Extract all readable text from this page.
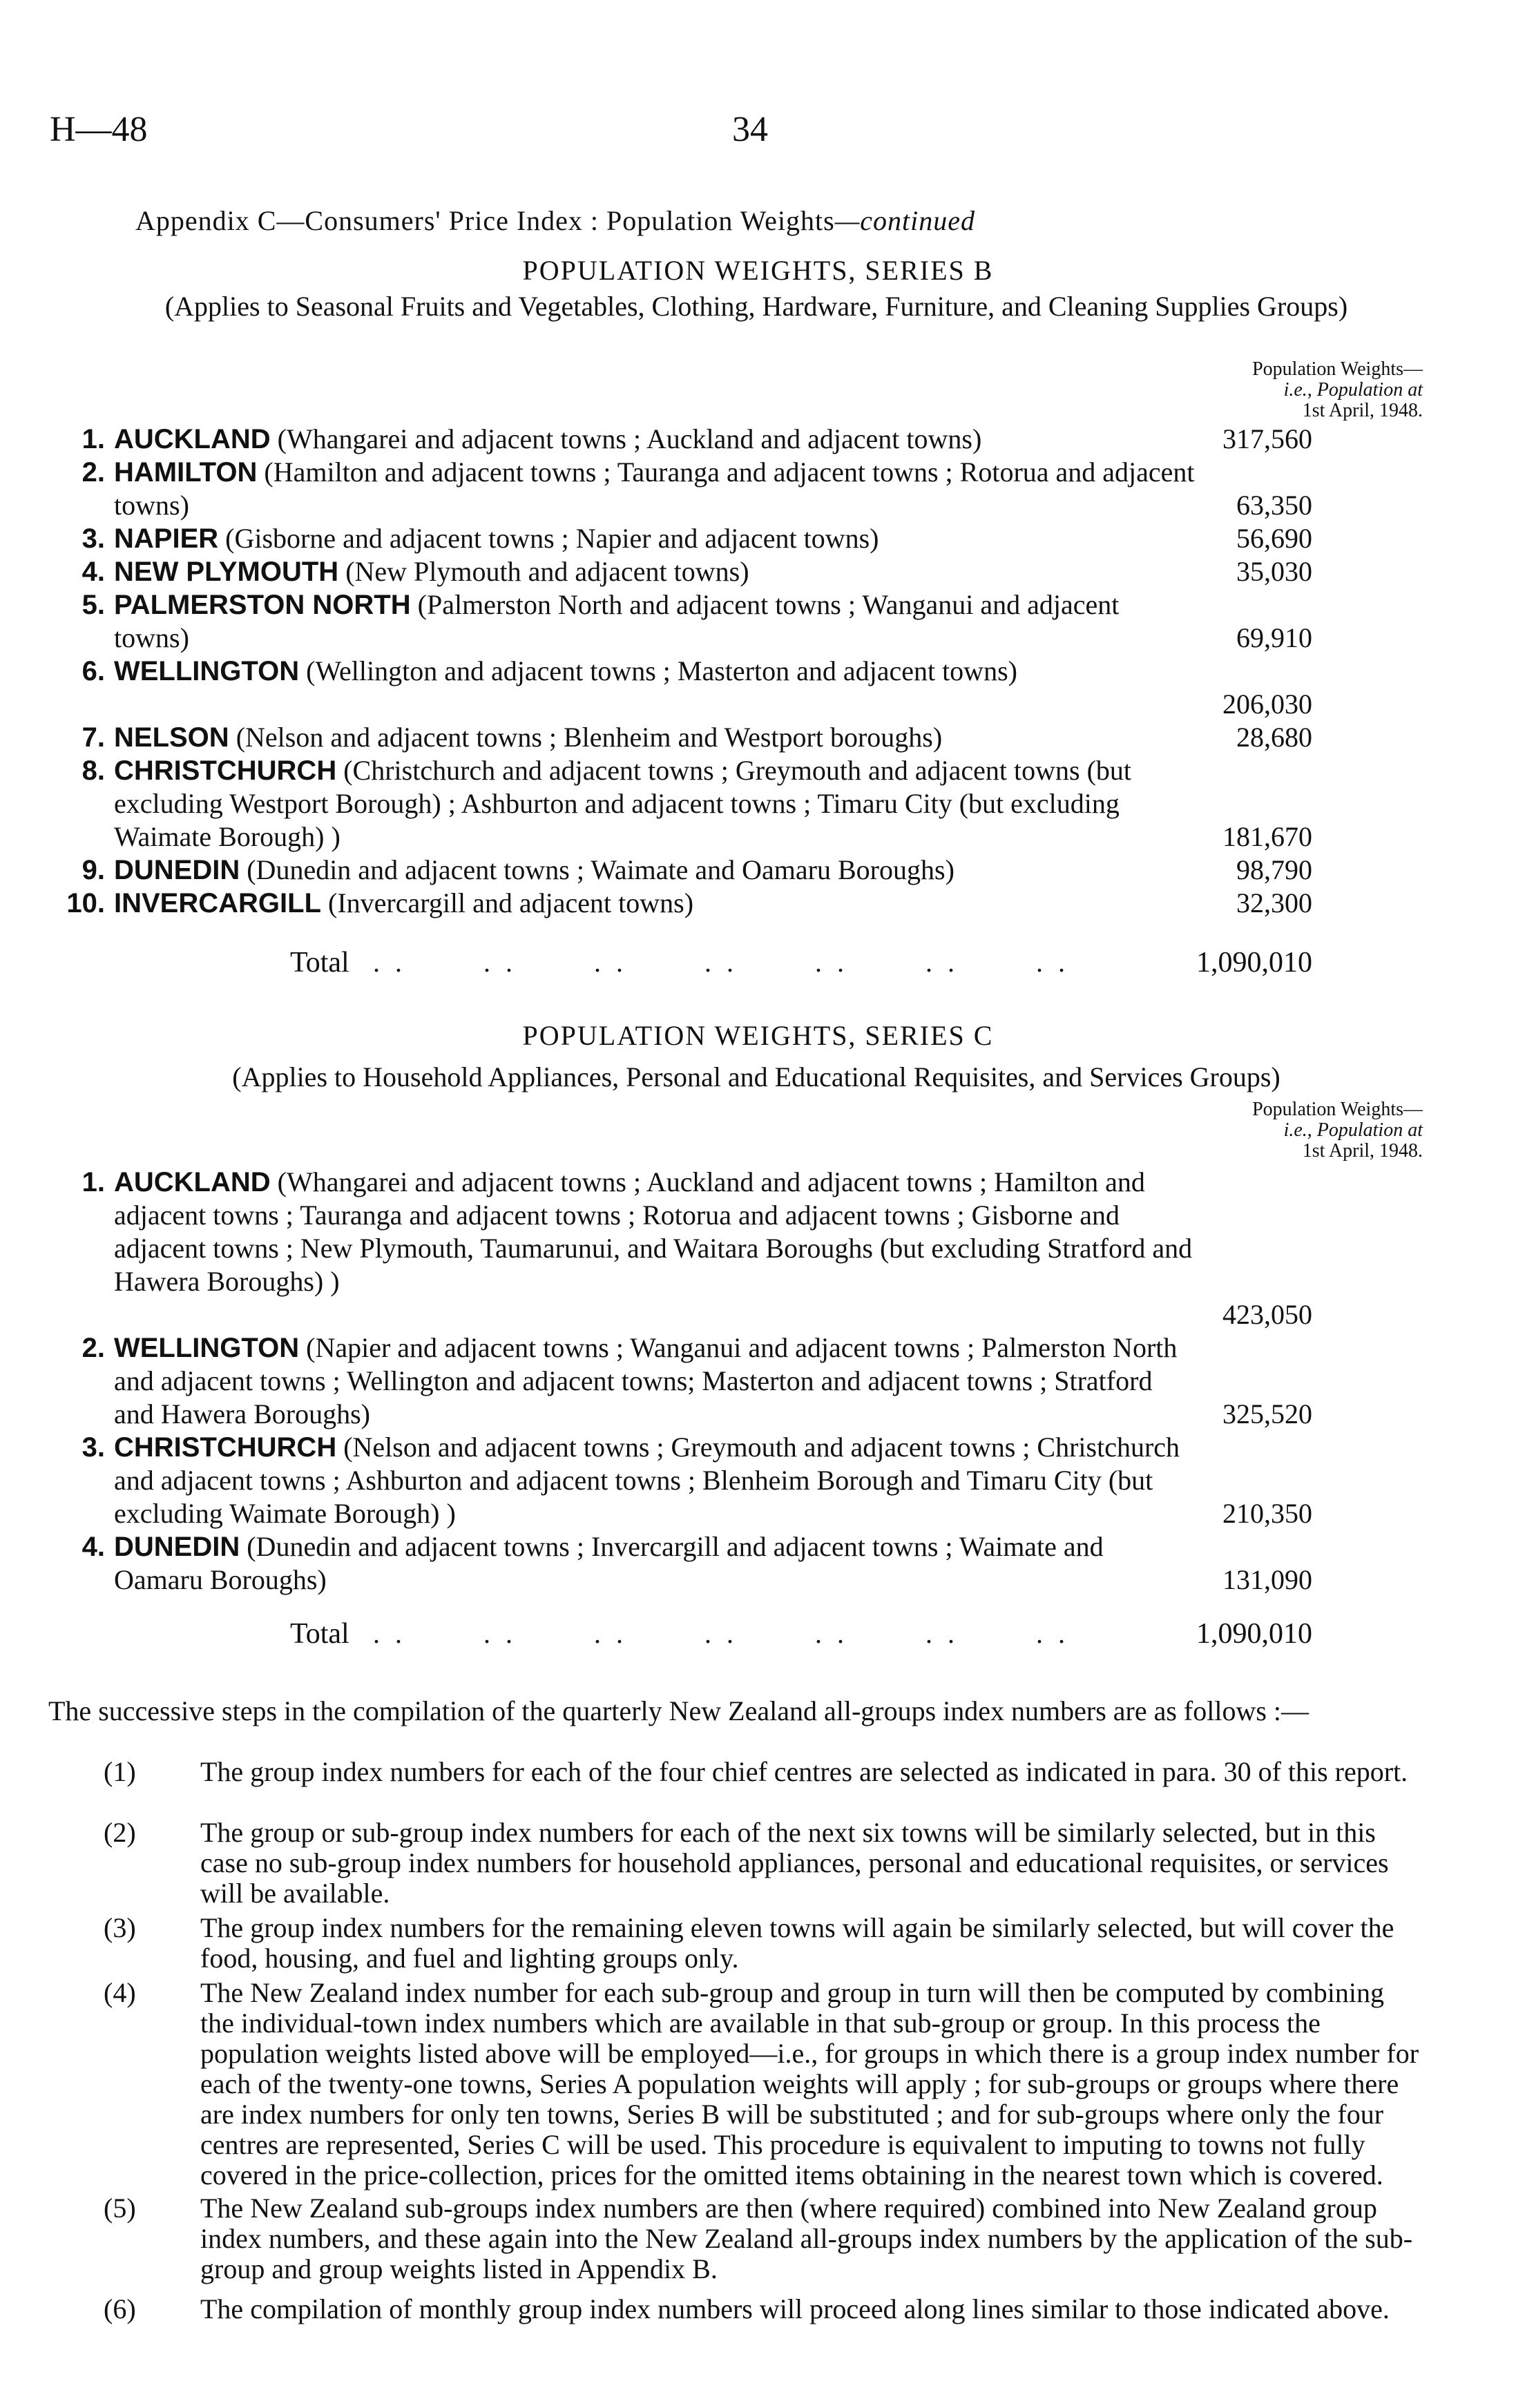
H—48	34
Appendix C—Consumers' Price Index : Population Weights—continued
POPULATION WEIGHTS, SERIES B
(Applies to Seasonal Fruits and Vegetables, Clothing, Hardware, Furniture, and Cleaning Supplies Groups)
Population Weights—
i.e., Population at
1st April, 1948.
1. AUCKLAND (Whangarei and adjacent towns ; Auckland and adjacent towns)	317,560
2. HAMILTON (Hamilton and adjacent towns ; Tauranga and adjacent towns ; Rotorua and adjacent towns)	63,350
3. NAPIER (Gisborne and adjacent towns ; Napier and adjacent towns)	56,690
4. NEW PLYMOUTH (New Plymouth and adjacent towns)	35,030
5. PALMERSTON NORTH (Palmerston North and adjacent towns ; Wanganui and adjacent towns)	69,910
6. WELLINGTON (Wellington and adjacent towns ; Masterton and adjacent towns)
206,030
7. NELSON (Nelson and adjacent towns ; Blenheim and Westport boroughs)	28,680
8. CHRISTCHURCH (Christchurch and adjacent towns ; Greymouth and adjacent towns (but excluding Westport Borough) ; Ashburton and adjacent towns ; Timaru City (but excluding Waimate Borough) )	181,670
9. DUNEDIN (Dunedin and adjacent towns ; Waimate and Oamaru Boroughs)	98,790
10. INVERCARGILL (Invercargill and adjacent towns)	32,300
Total . .       . .       . .       . .       . .       . .       . .	1,090,010
POPULATION WEIGHTS, SERIES C
(Applies to Household Appliances, Personal and Educational Requisites, and Services Groups)
Population Weights—
i.e., Population at
1st April, 1948.
1. AUCKLAND (Whangarei and adjacent towns ; Auckland and adjacent towns ; Hamilton and adjacent towns ; Tauranga and adjacent towns ; Rotorua and adjacent towns ; Gisborne and adjacent towns ; New Plymouth, Taumarunui, and Waitara Boroughs (but excluding Stratford and Hawera Boroughs) )
423,050
2. WELLINGTON (Napier and adjacent towns ; Wanganui and adjacent towns ; Palmerston North and adjacent towns ; Wellington and adjacent towns; Masterton and adjacent towns ; Stratford and Hawera Boroughs)	325,520
3. CHRISTCHURCH (Nelson and adjacent towns ; Greymouth and adjacent towns ; Christchurch and adjacent towns ; Ashburton and adjacent towns ; Blenheim Borough and Timaru City (but excluding Waimate Borough) )	210,350
4. DUNEDIN (Dunedin and adjacent towns ; Invercargill and adjacent towns ; Waimate and Oamaru Boroughs)	131,090
Total . .       . .       . .       . .       . .       . .       . .	1,090,010
The successive steps in the compilation of the quarterly New Zealand all-groups index numbers are as follows :—
(1) The group index numbers for each of the four chief centres are selected as indicated in para. 30 of this report.
(2) The group or sub-group index numbers for each of the next six towns will be similarly selected, but in this case no sub-group index numbers for household appliances, personal and educational requisites, or services will be available.
(3) The group index numbers for the remaining eleven towns will again be similarly selected, but will cover the food, housing, and fuel and lighting groups only.
(4) The New Zealand index number for each sub-group and group in turn will then be computed by combining the individual-town index numbers which are available in that sub-group or group. In this process the population weights listed above will be employed—i.e., for groups in which there is a group index number for each of the twenty-one towns, Series A population weights will apply ; for sub-groups or groups where there are index numbers for only ten towns, Series B will be substituted ; and for sub-groups where only the four centres are represented, Series C will be used. This procedure is equivalent to imputing to towns not fully covered in the price-collection, prices for the omitted items obtaining in the nearest town which is covered.
(5) The New Zealand sub-groups index numbers are then (where required) combined into New Zealand group index numbers, and these again into the New Zealand all-groups index numbers by the application of the sub-group and group weights listed in Appendix B.
(6) The compilation of monthly group index numbers will proceed along lines similar to those indicated above.
